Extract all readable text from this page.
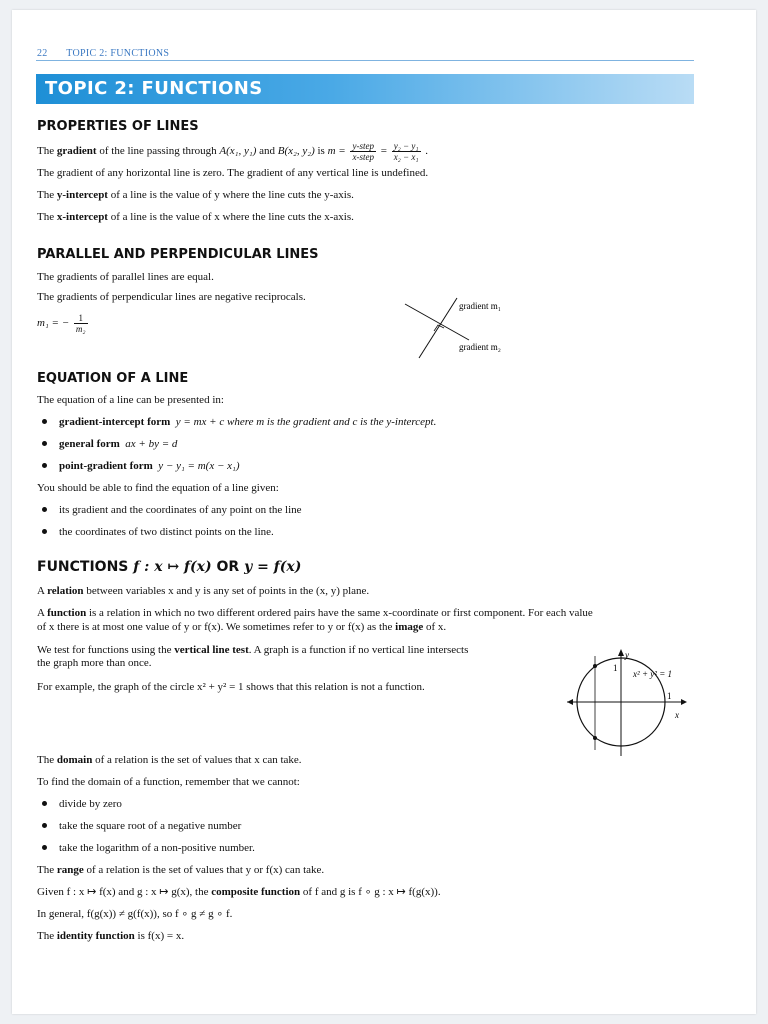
22 TOPIC 2: FUNCTIONS
TOPIC 2: FUNCTIONS
PROPERTIES OF LINES
The gradient of the line passing through A(x₁, y₁) and B(x₂, y₂) is $m = \frac{\text{y-step}}{\text{x-step}} = \frac{\text{y₂ − y₁}}{\text{x₂ − x₁}}$ .
The gradient of any horizontal line is zero. The gradient of any vertical line is undefined.
The y-intercept of a line is the value of y where the line cuts the y-axis.
The x-intercept of a line is the value of x where the line cuts the x-axis.
PARALLEL AND PERPENDICULAR LINES
The gradients of parallel lines are equal.
The gradients of perpendicular lines are negative reciprocals.
m₁ = − $\frac{1}{\text{m₂}}$
gradient m₁
gradient m₂
EQUATION OF A LINE
The equation of a line can be presented in:
gradient-intercept form y = mx + c where m is the gradient and c is the y-intercept.
general form ax + by = d
point-gradient form y − y₁ = m(x − x₁)
You should be able to find the equation of a line given:
its gradient and the coordinates of any point on the line
the coordinates of two distinct points on the line.
FUNCTIONS f : x ↦ f(x) OR y = f(x)
A relation between variables x and y is any set of points in the (x, y) plane.
A function is a relation in which no two different ordered pairs have the same x-coordinate or first component. For each value
of x there is at most one value of y or f(x). We sometimes refer to y or f(x) as the image of x.
We test for functions using the vertical line test. A graph is a function if no vertical line intersects
the graph more than once.
For example, the graph of the circle x² + y² = 1 shows that this relation is not a function.
y
1
x² + y² = 1
1
x
The domain of a relation is the set of values that x can take.
To find the domain of a function, remember that we cannot:
divide by zero
take the square root of a negative number
take the logarithm of a non-positive number.
The range of a relation is the set of values that y or f(x) can take.
Given f : x ↦ f(x) and g : x ↦ g(x), the composite function of f and g is f ∘ g : x ↦ f(g(x)).
In general, f(g(x)) ≠ g(f(x)), so f ∘ g ≠ g ∘ f.
The identity function is f(x) = x.
